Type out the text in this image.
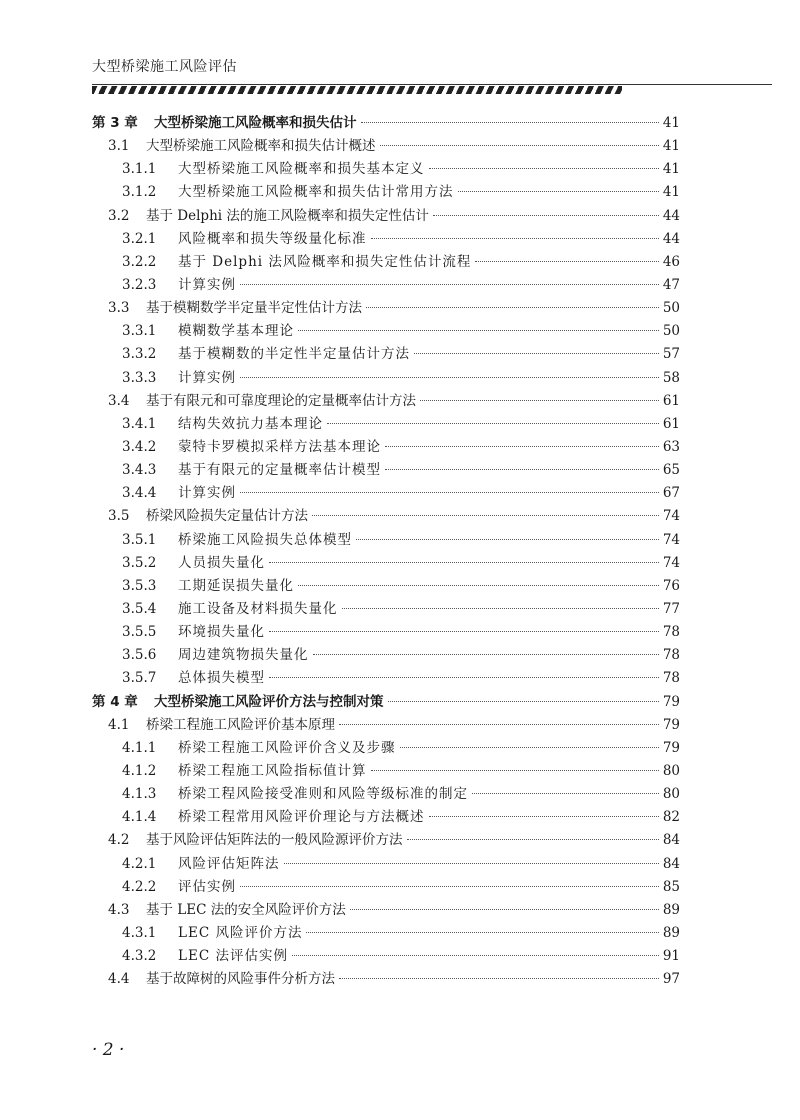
大型桥梁施工风险评估
第 3 章	大型桥梁施工风险概率和损失估计	41
3.1	大型桥梁施工风险概率和损失估计概述	41
3.1.1	大型桥梁施工风险概率和损失基本定义	41
3.1.2	大型桥梁施工风险概率和损失估计常用方法	41
3.2	基于 Delphi 法的施工风险概率和损失定性估计	44
3.2.1	风险概率和损失等级量化标准	44
3.2.2	基于 Delphi 法风险概率和损失定性估计流程	46
3.2.3	计算实例	47
3.3	基于模糊数学半定量半定性估计方法	50
3.3.1	模糊数学基本理论	50
3.3.2	基于模糊数的半定性半定量估计方法	57
3.3.3	计算实例	58
3.4	基于有限元和可靠度理论的定量概率估计方法	61
3.4.1	结构失效抗力基本理论	61
3.4.2	蒙特卡罗模拟采样方法基本理论	63
3.4.3	基于有限元的定量概率估计模型	65
3.4.4	计算实例	67
3.5	桥梁风险损失定量估计方法	74
3.5.1	桥梁施工风险损失总体模型	74
3.5.2	人员损失量化	74
3.5.3	工期延误损失量化	76
3.5.4	施工设备及材料损失量化	77
3.5.5	环境损失量化	78
3.5.6	周边建筑物损失量化	78
3.5.7	总体损失模型	78
第 4 章	大型桥梁施工风险评价方法与控制对策	79
4.1	桥梁工程施工风险评价基本原理	79
4.1.1	桥梁工程施工风险评价含义及步骤	79
4.1.2	桥梁工程施工风险指标值计算	80
4.1.3	桥梁工程风险接受准则和风险等级标准的制定	80
4.1.4	桥梁工程常用风险评价理论与方法概述	82
4.2	基于风险评估矩阵法的一般风险源评价方法	84
4.2.1	风险评估矩阵法	84
4.2.2	评估实例	85
4.3	基于 LEC 法的安全风险评价方法	89
4.3.1	LEC 风险评价方法	89
4.3.2	LEC 法评估实例	91
4.4	基于故障树的风险事件分析方法	97
· 2 ·
